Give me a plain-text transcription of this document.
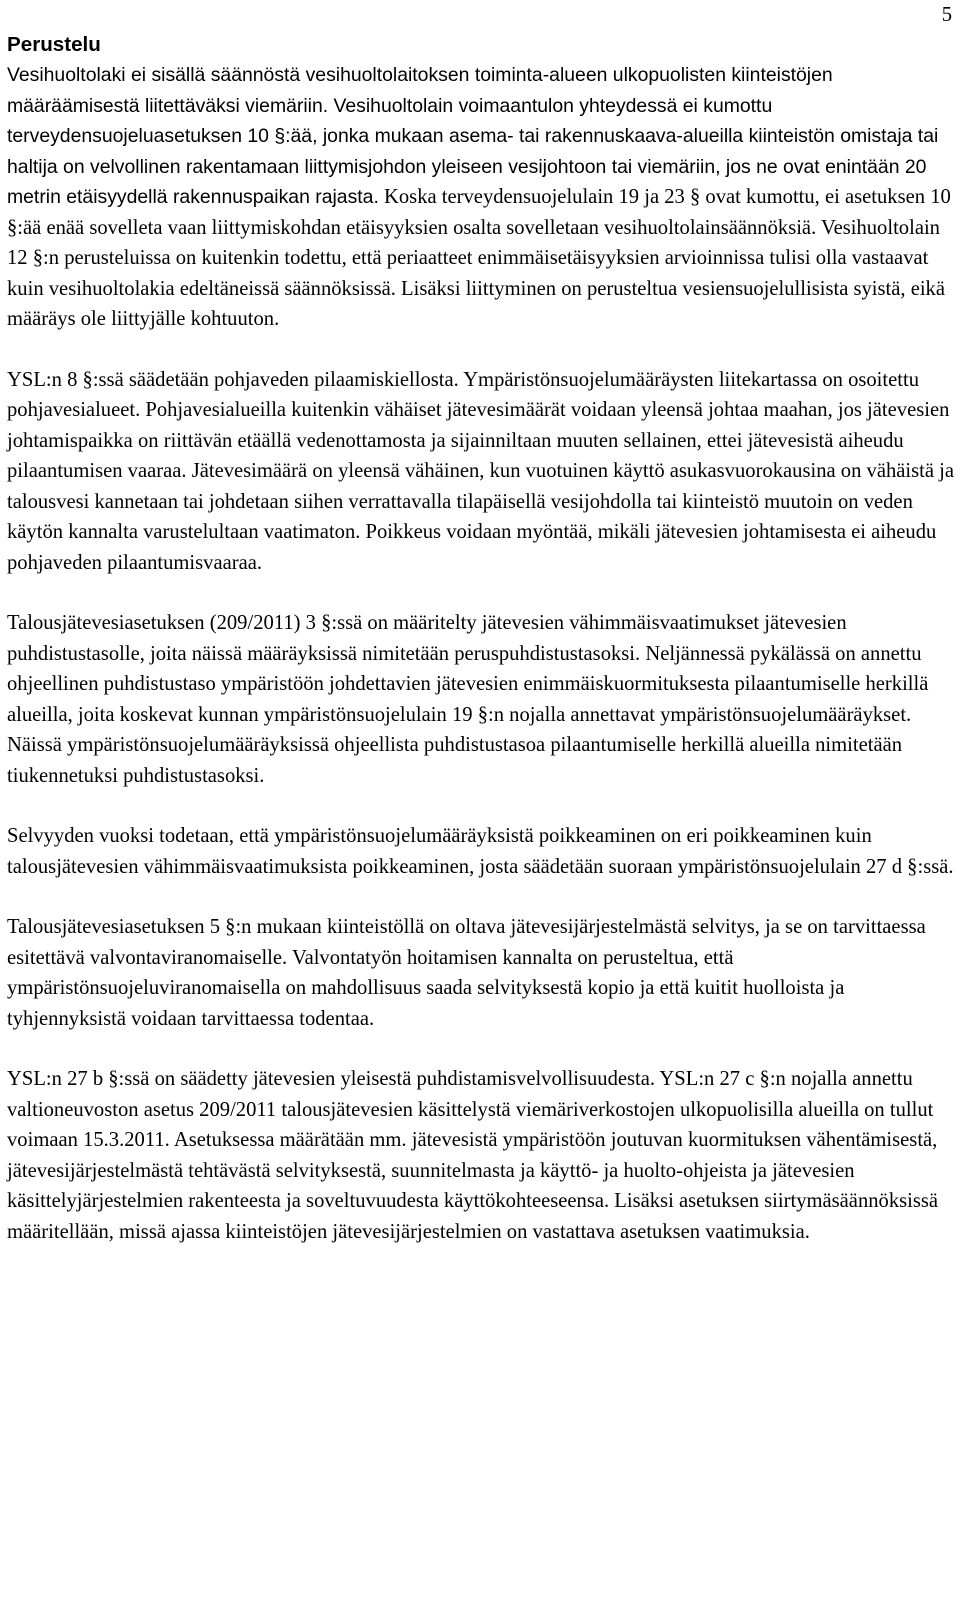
5
Perustelu

Vesihuoltolaki ei sisällä säännöstä vesihuoltolaitoksen toiminta-alueen ulkopuolisten kiinteistöjen määräämisestä liitettäväksi viemäriin. Vesihuoltolain voimaantulon yhteydessä ei kumottu terveydensuojeluasetuksen 10 §:ää, jonka mukaan asema- tai rakennuskaava-alueilla kiinteistön omistaja tai haltija on velvollinen rakentamaan liittymisjohdon yleiseen vesijohtoon tai viemäriin, jos ne ovat enintään 20 metrin etäisyydellä rakennuspaikan rajasta. Koska terveydensuojelulain 19 ja 23 § ovat kumottu, ei asetuksen 10 §:ää enää sovelleta vaan liittymiskohdan etäisyyksien osalta sovelletaan vesihuoltolainsäännöksiä. Vesihuoltolain 12 §:n perusteluissa on kuitenkin todettu, että periaatteet enimmäisetäisyyksien arvioinnissa tulisi olla vastaavat kuin vesihuoltolakia edeltäneissä säännöksissä. Lisäksi liittyminen on perusteltua vesiensuojelullisista syistä, eikä määräys ole liittyjälle kohtuuton.

YSL:n 8 §:ssä säädetään pohjaveden pilaamiskiellosta. Ympäristönsuojelumääräysten liitekartassa on osoitettu pohjavesialueet. Pohjavesialueilla kuitenkin vähäiset jätevesimäärät voidaan yleensä johtaa maahan, jos jätevesien johtamispaikka on riittävän etäällä vedenottamosta ja sijainniltaan muuten sellainen, ettei jätevesistä aiheudu pilaantumisen vaaraa. Jätevesimäärä on yleensä vähäinen, kun vuotuinen käyttö asukasvuorokausina on vähäistä ja talousvesi kannetaan tai johdetaan siihen verrattavalla tilapäisellä vesijohdolla tai kiinteistö muutoin on veden käytön kannalta varustelultaan vaatimaton. Poikkeus voidaan myöntää, mikäli jätevesien johtamisesta ei aiheudu pohjaveden pilaantumisvaaraa.

Talousjätevesiasetuksen (209/2011) 3 §:ssä on määritelty jätevesien vähimmäisvaatimukset jätevesien puhdistustasolle, joita näissä määräyksissä nimitetään peruspuhdistustasoksi. Neljännessä pykälässä on annettu ohjeellinen puhdistustaso ympäristöön johdettavien jätevesien enimmäiskuormituksesta pilaantumiselle herkillä alueilla, joita koskevat kunnan ympäristönsuojelulain 19 §:n nojalla annettavat ympäristönsuojelumääräykset. Näissä ympäristönsuojelumääräyksissä ohjeellista puhdistustasoa pilaantumiselle herkillä alueilla nimitetään tiukennetuksi puhdistustasoksi.

Selvyyden vuoksi todetaan, että ympäristönsuojelumääräyksistä poikkeaminen on eri poikkeaminen kuin talousjätevesien vähimmäisvaatimuksista poikkeaminen, josta säädetään suoraan ympäristönsuojelulain 27 d §:ssä.

Talousjätevesiasetuksen 5 §:n mukaan kiinteistöllä on oltava jätevesijärjestelmästä selvitys, ja se on tarvittaessa esitettävä valvontaviranomaiselle. Valvontatyön hoitamisen kannalta on perusteltua, että ympäristönsuojeluviranomaisella on mahdollisuus saada selvityksestä kopio ja että kuitit huolloista ja tyhjennyksistä voidaan tarvittaessa todentaa.

YSL:n 27 b §:ssä on säädetty jätevesien yleisestä puhdistamisvelvollisuudesta. YSL:n 27 c §:n nojalla annettu valtioneuvoston asetus 209/2011 talousjätevesien käsittelystä viemäriverkostojen ulkopuolisilla alueilla on tullut voimaan 15.3.2011. Asetuksessa määrätään mm. jätevesistä ympäristöön joutuvan kuormituksen vähentämisestä, jätevesijärjestelmästä tehtävästä selvityksestä, suunnitelmasta ja käyttö- ja huolto-ohjeista ja jätevesien käsittelyjärjestelmien rakenteesta ja soveltuvuudesta käyttökohteeseensa. Lisäksi asetuksen siirtymäsäännöksissä määritellään, missä ajassa kiinteistöjen jätevesijärjestelmien on vastattava asetuksen vaatimuksia.
